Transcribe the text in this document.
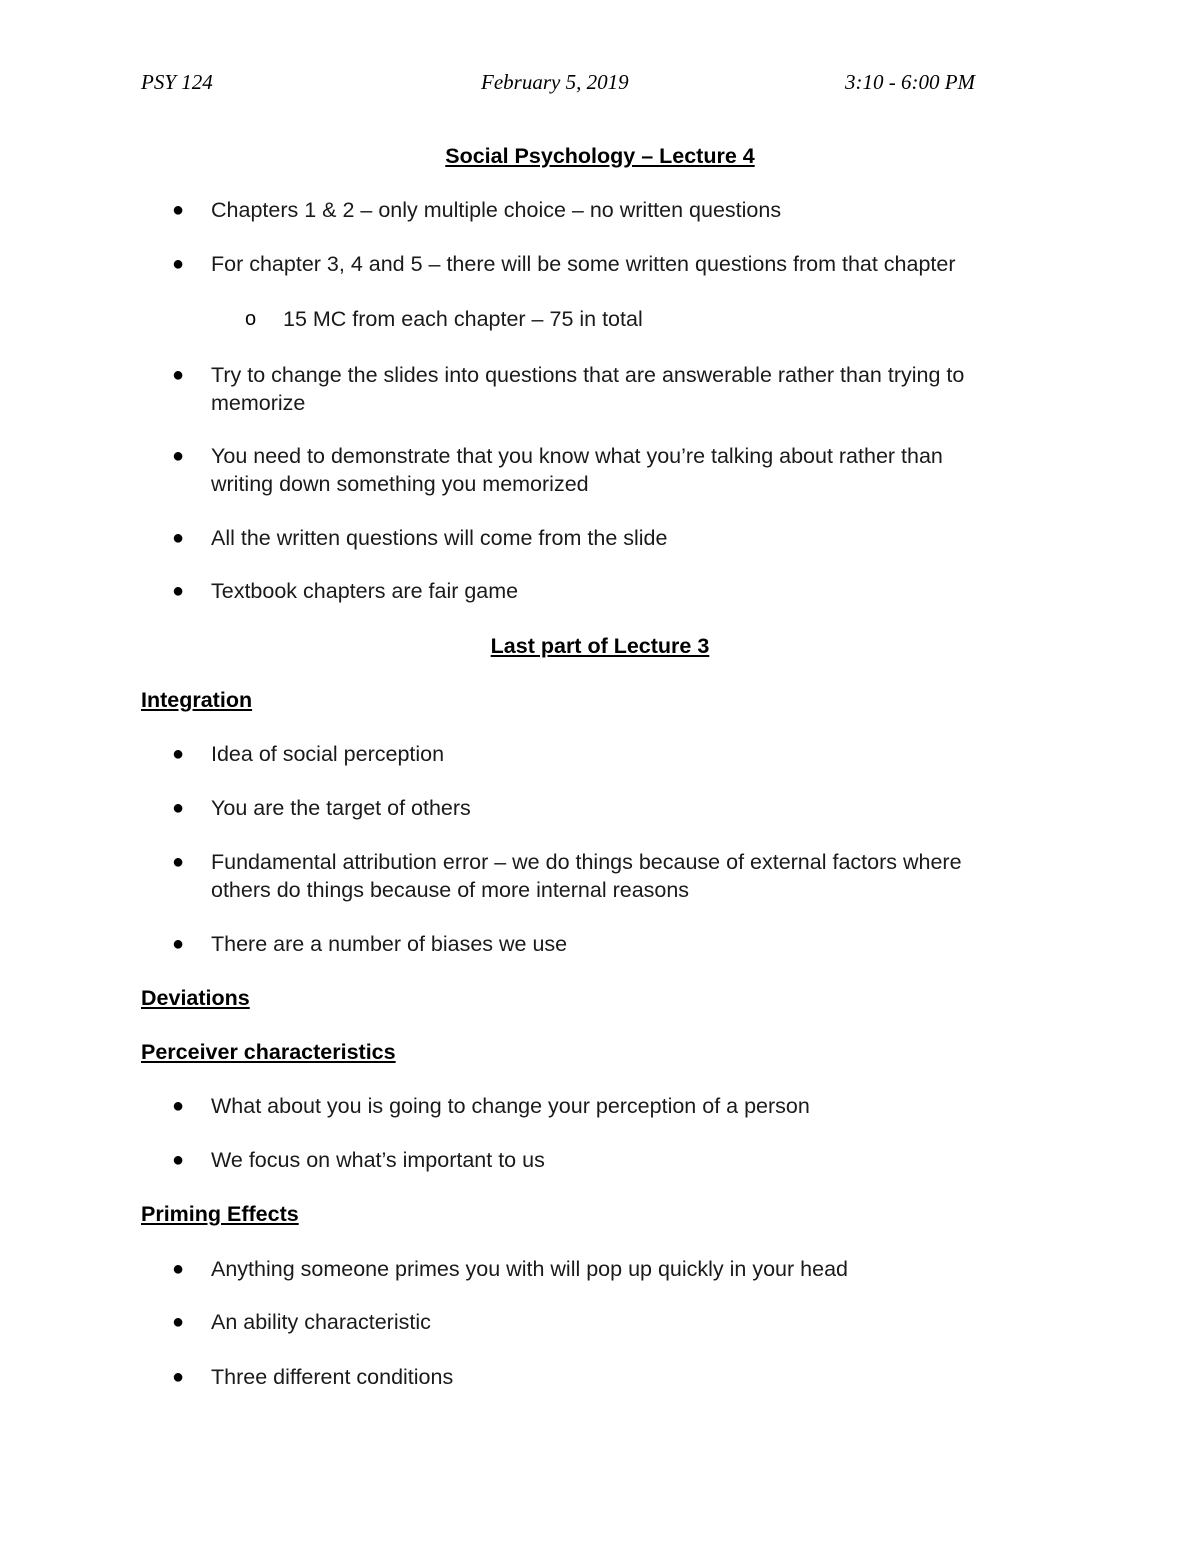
PSY 124	February 5, 2019	3:10 - 6:00 PM
Social Psychology – Lecture 4
● Chapters 1 & 2 – only multiple choice – no written questions
● For chapter 3, 4 and 5 – there will be some written questions from that chapter
o 15 MC from each chapter – 75 in total
● Try to change the slides into questions that are answerable rather than trying to
memorize
● You need to demonstrate that you know what you’re talking about rather than
writing down something you memorized
● All the written questions will come from the slide
● Textbook chapters are fair game
Last part of Lecture 3
Integration
● Idea of social perception
● You are the target of others
● Fundamental attribution error – we do things because of external factors where
others do things because of more internal reasons
● There are a number of biases we use
Deviations
Perceiver characteristics
● What about you is going to change your perception of a person
● We focus on what’s important to us
Priming Effects
● Anything someone primes you with will pop up quickly in your head
● An ability characteristic
● Three different conditions
